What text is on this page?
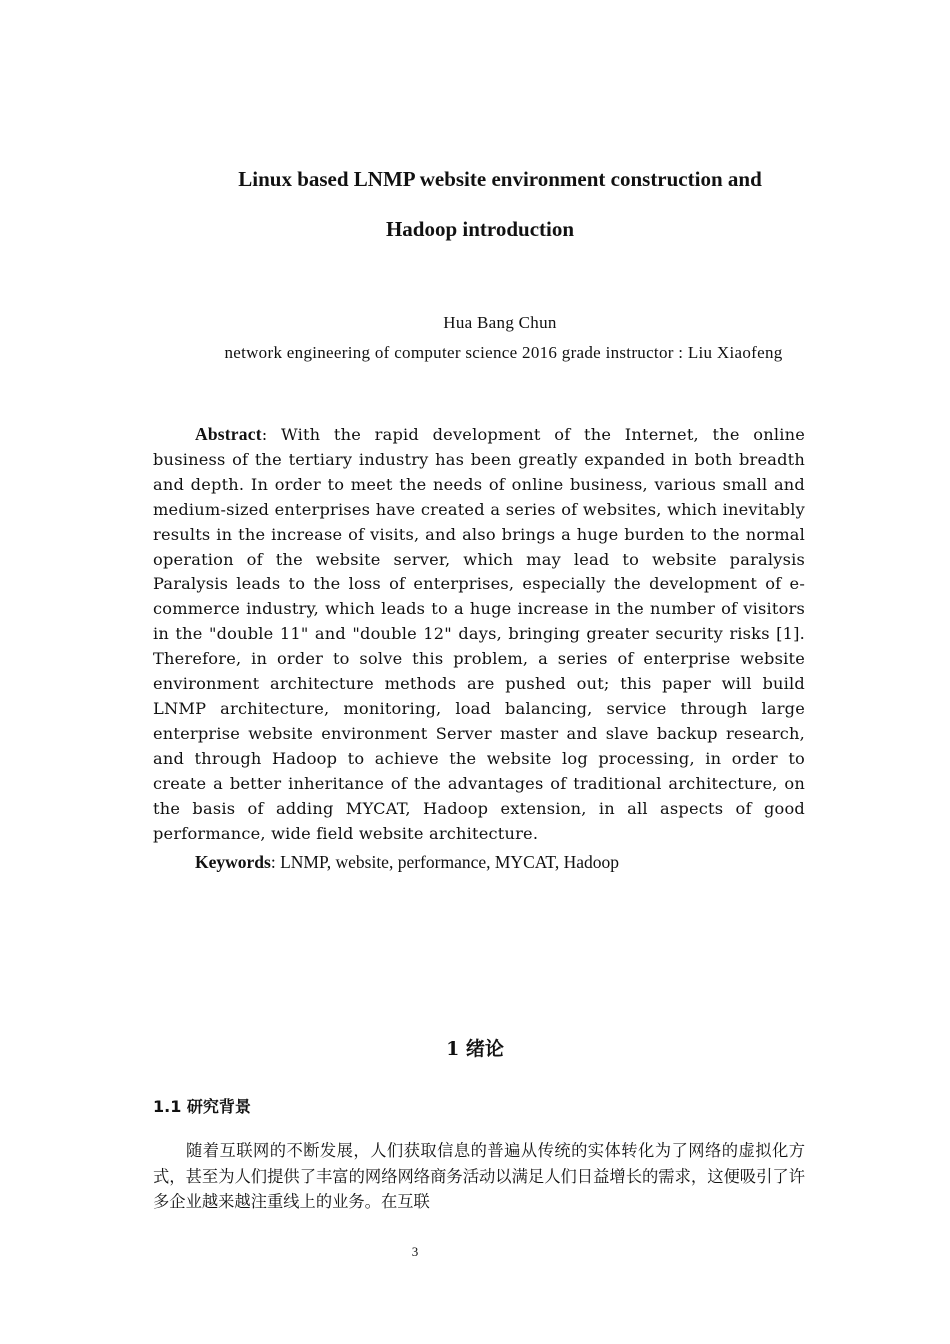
Linux based LNMP website environment construction and
Hadoop introduction
Hua Bang Chun
network engineering of computer science 2016 grade instructor : Liu Xiaofeng

Abstract: With the rapid development of the Internet, the online business of the tertiary industry has been greatly expanded in both breadth and depth. In order to meet the needs of online business, various small and medium-sized enterprises have created a series of websites, which inevitably results in the increase of visits, and also brings a huge burden to the normal operation of the website server, which may lead to website paralysis Paralysis leads to the loss of enterprises, especially the development of e-commerce industry, which leads to a huge increase in the number of visitors in the "double 11" and "double 12" days, bringing greater security risks [1]. Therefore, in order to solve this problem, a series of enterprise website environment architecture methods are pushed out; this paper will build LNMP architecture, monitoring, load balancing, service through large enterprise website environment Server master and slave backup research, and through Hadoop to achieve the website log processing, in order to create a better inheritance of the advantages of traditional architecture, on the basis of adding MYCAT, Hadoop extension, in all aspects of good performance, wide field website architecture.

Keywords: LNMP, website, performance, MYCAT, Hadoop

1 绪论
1.1 研究背景

随着互联网的不断发展，人们获取信息的普遍从传统的实体转化为了网络的虚拟化方式，甚至为人们提供了丰富的网络网络商务活动以满足人们日益增长的需求，这便吸引了许多企业越来越注重线上的业务。在互联

3
